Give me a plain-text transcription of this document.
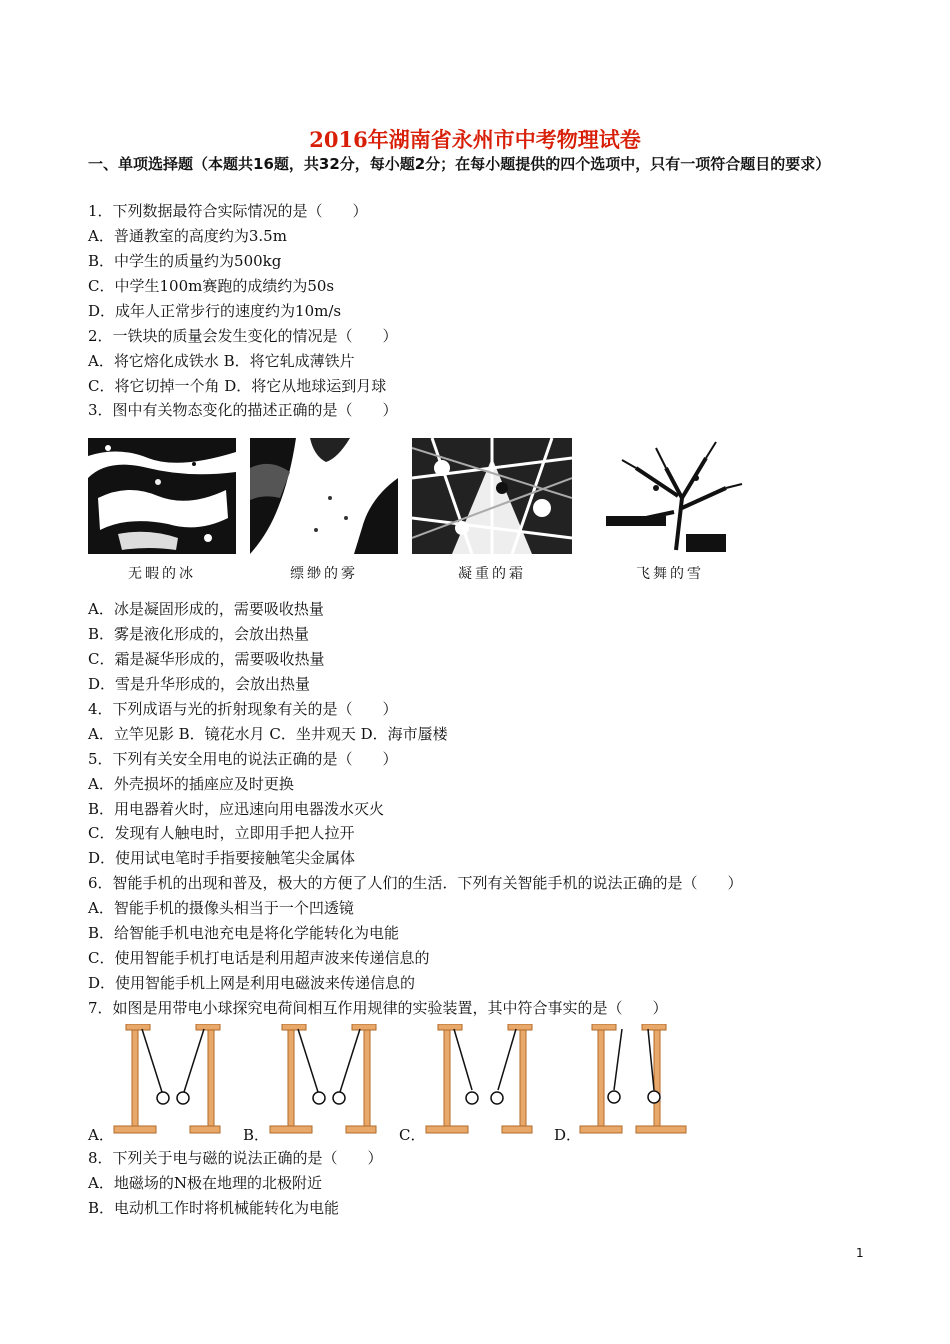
2016年湖南省永州市中考物理试卷
一、单项选择题（本题共16题，共32分，每小题2分；在每小题提供的四个选项中，只有一项符合题目的要求）
1．下列数据最符合实际情况的是（　　）
A．普通教室的高度约为3.5m
B．中学生的质量约为500kg
C．中学生100m赛跑的成绩约为50s
D．成年人正常步行的速度约为10m/s
2．一铁块的质量会发生变化的情况是（　　）
A．将它熔化成铁水 B．将它轧成薄铁片
C．将它切掉一个角 D．将它从地球运到月球
3．图中有关物态变化的描述正确的是（　　）
无暇的冰	缥缈的雾	凝重的霜	飞舞的雪
A．冰是凝固形成的，需要吸收热量
B．雾是液化形成的，会放出热量
C．霜是凝华形成的，需要吸收热量
D．雪是升华形成的，会放出热量
4．下列成语与光的折射现象有关的是（　　）
A．立竿见影 B．镜花水月 C．坐井观天 D．海市蜃楼
5．下列有关安全用电的说法正确的是（　　）
A．外壳损坏的插座应及时更换
B．用电器着火时，应迅速向用电器泼水灭火
C．发现有人触电时，立即用手把人拉开
D．使用试电笔时手指要接触笔尖金属体
6．智能手机的出现和普及，极大的方便了人们的生活．下列有关智能手机的说法正确的是（　　）
A．智能手机的摄像头相当于一个凹透镜
B．给智能手机电池充电是将化学能转化为电能
C．使用智能手机打电话是利用超声波来传递信息的
D．使用智能手机上网是利用电磁波来传递信息的
7．如图是用带电小球探究电荷间相互作用规律的实验装置，其中符合事实的是（　　）
A．	B．	C．	D．
8．下列关于电与磁的说法正确的是（　　）
A．地磁场的N极在地理的北极附近
B．电动机工作时将机械能转化为电能
1
